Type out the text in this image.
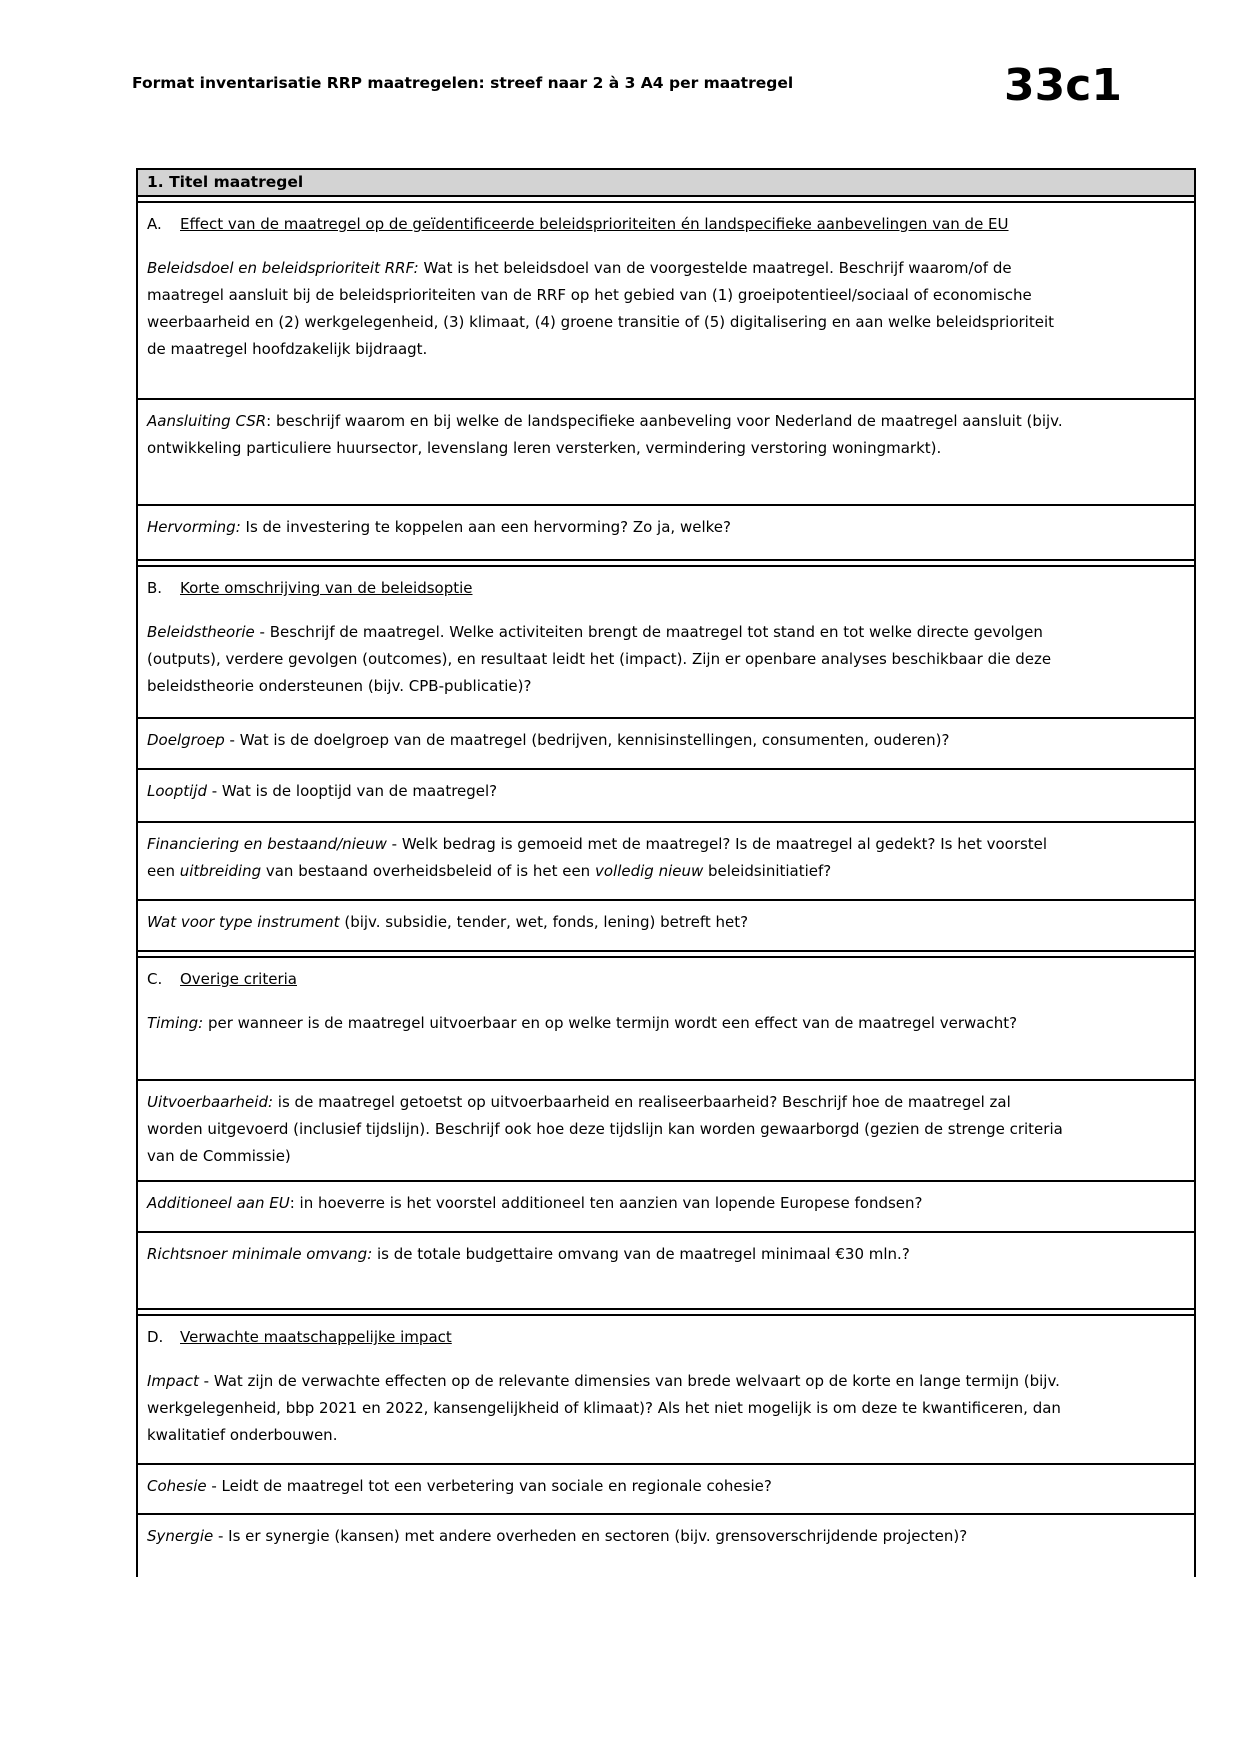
Format inventarisatie RRP maatregelen: streef naar 2 à 3 A4 per maatregel	33c1
1. Titel maatregel
A.	Effect van de maatregel op de geïdentificeerde beleidsprioriteiten én landspecifieke aanbevelingen van de EU

Beleidsdoel en beleidsprioriteit RRF: Wat is het beleidsdoel van de voorgestelde maatregel. Beschrijf waarom/of de maatregel aansluit bij de beleidsprioriteiten van de RRF op het gebied van (1) groeipotentieel/sociaal of economische weerbaarheid en (2) werkgelegenheid, (3) klimaat, (4) groene transitie of (5) digitalisering en aan welke beleidsprioriteit de maatregel hoofdzakelijk bijdraagt.

Aansluiting CSR: beschrijf waarom en bij welke de landspecifieke aanbeveling voor Nederland de maatregel aansluit (bijv. ontwikkeling particuliere huursector, levenslang leren versterken, vermindering verstoring woningmarkt).

Hervorming: Is de investering te koppelen aan een hervorming? Zo ja, welke?

B.	Korte omschrijving van de beleidsoptie

Beleidstheorie - Beschrijf de maatregel. Welke activiteiten brengt de maatregel tot stand en tot welke directe gevolgen (outputs), verdere gevolgen (outcomes), en resultaat leidt het (impact). Zijn er openbare analyses beschikbaar die deze beleidstheorie ondersteunen (bijv. CPB-publicatie)?

Doelgroep - Wat is de doelgroep van de maatregel (bedrijven, kennisinstellingen, consumenten, ouderen)?

Looptijd - Wat is de looptijd van de maatregel?

Financiering en bestaand/nieuw - Welk bedrag is gemoeid met de maatregel? Is de maatregel al gedekt? Is het voorstel een uitbreiding van bestaand overheidsbeleid of is het een volledig nieuw beleidsinitiatief?

Wat voor type instrument (bijv. subsidie, tender, wet, fonds, lening) betreft het?

C.	Overige criteria

Timing: per wanneer is de maatregel uitvoerbaar en op welke termijn wordt een effect van de maatregel verwacht?

Uitvoerbaarheid: is de maatregel getoetst op uitvoerbaarheid en realiseerbaarheid? Beschrijf hoe de maatregel zal worden uitgevoerd (inclusief tijdslijn). Beschrijf ook hoe deze tijdslijn kan worden gewaarborgd (gezien de strenge criteria van de Commissie)

Additioneel aan EU: in hoeverre is het voorstel additioneel ten aanzien van lopende Europese fondsen?

Richtsnoer minimale omvang: is de totale budgettaire omvang van de maatregel minimaal €30 mln.?

D.	Verwachte maatschappelijke impact

Impact - Wat zijn de verwachte effecten op de relevante dimensies van brede welvaart op de korte en lange termijn (bijv. werkgelegenheid, bbp 2021 en 2022, kansengelijkheid of klimaat)? Als het niet mogelijk is om deze te kwantificeren, dan kwalitatief onderbouwen.

Cohesie - Leidt de maatregel tot een verbetering van sociale en regionale cohesie?

Synergie - Is er synergie (kansen) met andere overheden en sectoren (bijv. grensoverschrijdende projecten)?
